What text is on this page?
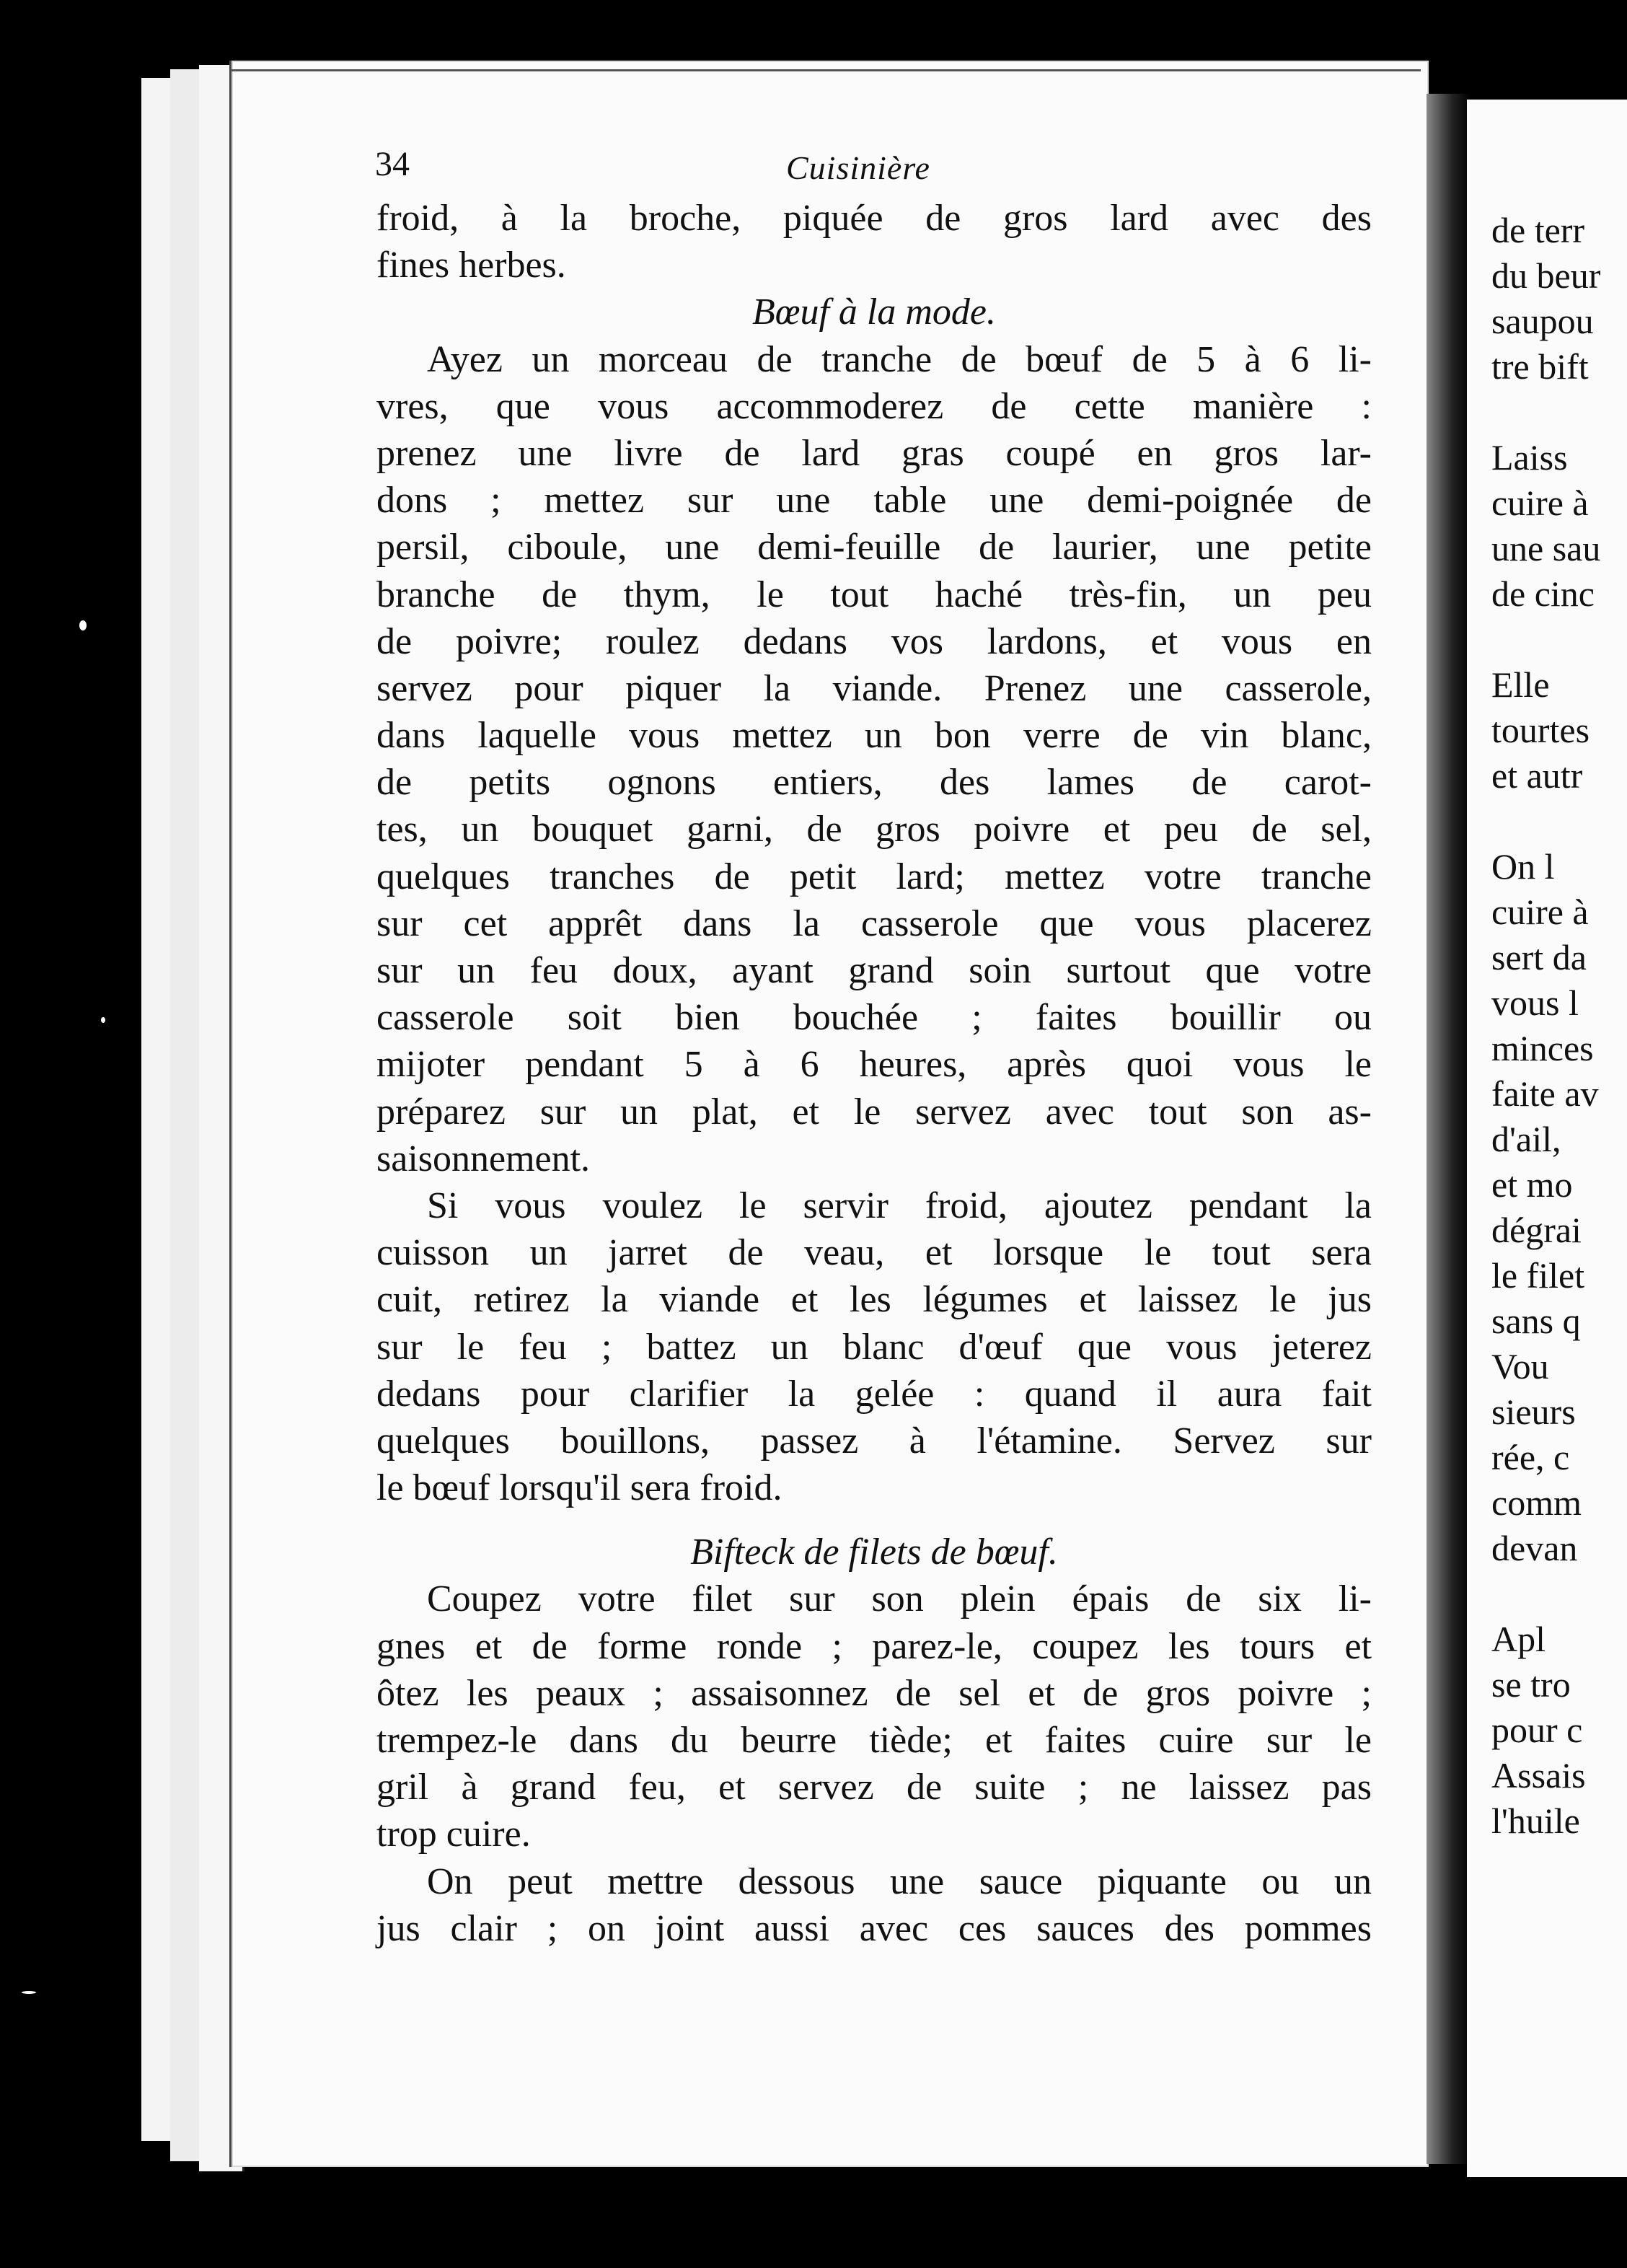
34	Cuisinière
froid, à la broche, piquée de gros lard avec des
fines herbes.
Bœuf à la mode.
Ayez un morceau de tranche de bœuf de 5 à 6 li-
vres, que vous accommoderez de cette manière :
prenez une livre de lard gras coupé en gros lar-
dons ; mettez sur une table une demi-poignée de
persil, ciboule, une demi-feuille de laurier, une petite
branche de thym, le tout haché très-fin, un peu
de poivre; roulez dedans vos lardons, et vous en
servez pour piquer la viande. Prenez une casserole,
dans laquelle vous mettez un bon verre de vin blanc,
de petits ognons entiers, des lames de carot-
tes, un bouquet garni, de gros poivre et peu de sel,
quelques tranches de petit lard; mettez votre tranche
sur cet apprêt dans la casserole que vous placerez
sur un feu doux, ayant grand soin surtout que votre
casserole soit bien bouchée ; faites bouillir ou
mijoter pendant 5 à 6 heures, après quoi vous le
préparez sur un plat, et le servez avec tout son as-
saisonnement.
Si vous voulez le servir froid, ajoutez pendant la
cuisson un jarret de veau, et lorsque le tout sera
cuit, retirez la viande et les légumes et laissez le jus
sur le feu ; battez un blanc d'œuf que vous jeterez
dedans pour clarifier la gelée : quand il aura fait
quelques bouillons, passez à l'étamine. Servez sur
le bœuf lorsqu'il sera froid.
Bifteck de filets de bœuf.
Coupez votre filet sur son plein épais de six li-
gnes et de forme ronde ; parez-le, coupez les tours et
ôtez les peaux ; assaisonnez de sel et de gros poivre ;
trempez-le dans du beurre tiède; et faites cuire sur le
gril à grand feu, et servez de suite ; ne laissez pas
trop cuire.
On peut mettre dessous une sauce piquante ou un
jus clair ; on joint aussi avec ces sauces des pommes
de terr
du beur
saupou
tre bift
Laiss
cuire à
une sau
de cinc
Elle
tourtes
et autr
On l
cuire à
sert da
vous l
minces
faite av
d'ail,
et mo
dégrai
le filet
sans q
Vou
sieurs
rée, c
comm
devan
Apl
se tro
pour c
Assais
l'huile
